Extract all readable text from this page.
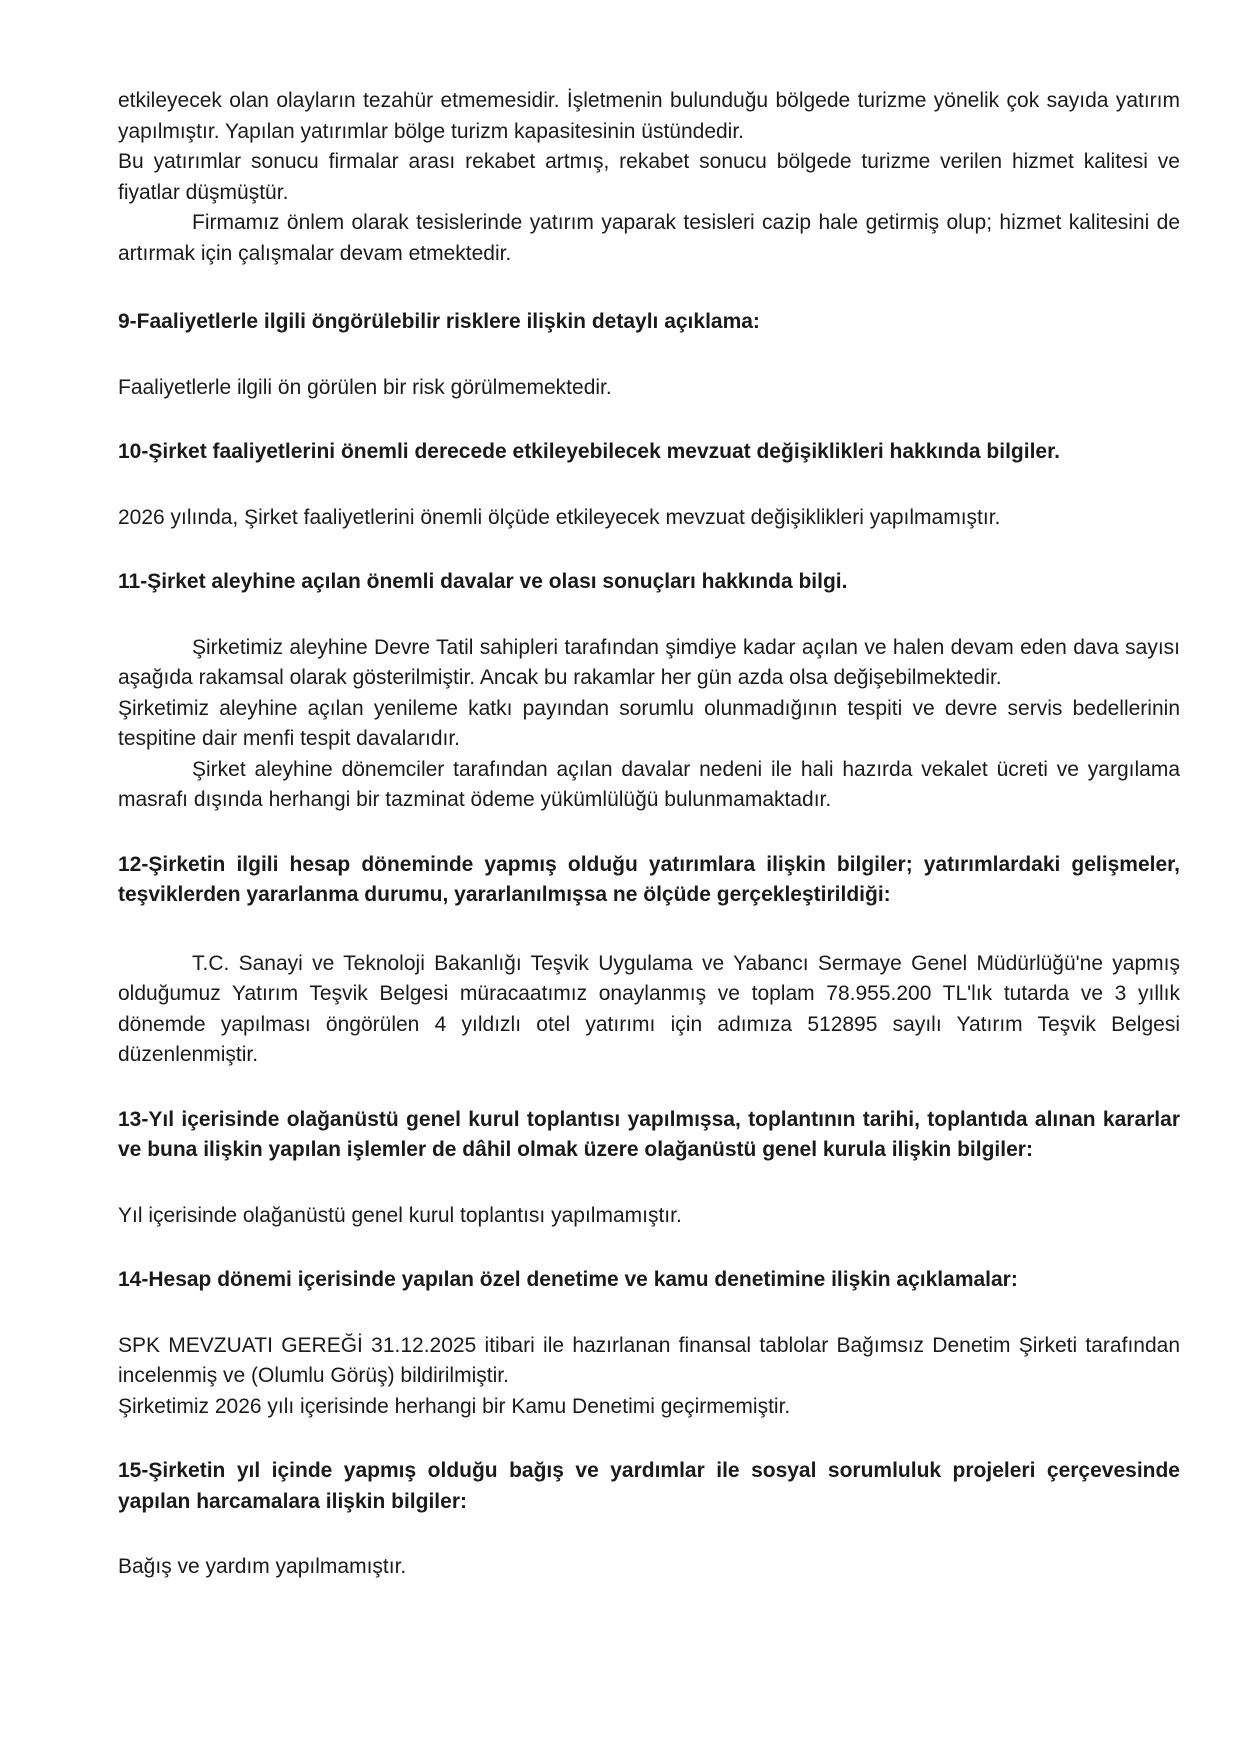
etkileyecek olan olayların tezahür etmemesidir. İşletmenin bulunduğu bölgede turizme yönelik çok sayıda yatırım yapılmıştır. Yapılan yatırımlar bölge turizm kapasitesinin üstündedir.

Bu yatırımlar sonucu firmalar arası rekabet artmış, rekabet sonucu bölgede turizme verilen hizmet kalitesi ve fiyatlar düşmüştür.

Firmamız önlem olarak tesislerinde yatırım yaparak tesisleri cazip hale getirmiş olup; hizmet kalitesini de artırmak için çalışmalar devam etmektedir.

9-Faaliyetlerle ilgili öngörülebilir risklere ilişkin detaylı açıklama:

Faaliyetlerle ilgili ön görülen bir risk görülmemektedir.

10-Şirket faaliyetlerini önemli derecede etkileyebilecek mevzuat değişiklikleri hakkında bilgiler.

2026 yılında, Şirket faaliyetlerini önemli ölçüde etkileyecek mevzuat değişiklikleri yapılmamıştır.

11-Şirket aleyhine açılan önemli davalar ve olası sonuçları hakkında bilgi.

Şirketimiz aleyhine Devre Tatil sahipleri tarafından şimdiye kadar açılan ve halen devam eden dava sayısı aşağıda rakamsal olarak gösterilmiştir. Ancak bu rakamlar her gün azda olsa değişebilmektedir.

Şirketimiz aleyhine açılan yenileme katkı payından sorumlu olunmadığının tespiti ve devre servis bedellerinin tespitine dair menfi tespit davalarıdır.

Şirket aleyhine dönemciler tarafından açılan davalar nedeni ile hali hazırda vekalet ücreti ve yargılama masrafı dışında herhangi bir tazminat ödeme yükümlülüğü bulunmamaktadır.

12-Şirketin ilgili hesap döneminde yapmış olduğu yatırımlara ilişkin bilgiler; yatırımlardaki gelişmeler, teşviklerden yararlanma durumu, yararlanılmışsa ne ölçüde gerçekleştirildiği:

T.C. Sanayi ve Teknoloji Bakanlığı Teşvik Uygulama ve Yabancı Sermaye Genel Müdürlüğü'ne yapmış olduğumuz Yatırım Teşvik Belgesi müracaatımız onaylanmış ve toplam 78.955.200 TL'lık tutarda ve 3 yıllık dönemde yapılması öngörülen 4 yıldızlı otel yatırımı için adımıza 512895 sayılı Yatırım Teşvik Belgesi düzenlenmiştir.

13-Yıl içerisinde olağanüstü genel kurul toplantısı yapılmışsa, toplantının tarihi, toplantıda alınan kararlar ve buna ilişkin yapılan işlemler de dâhil olmak üzere olağanüstü genel kurula ilişkin bilgiler:

Yıl içerisinde olağanüstü genel kurul toplantısı yapılmamıştır.

14-Hesap dönemi içerisinde yapılan özel denetime ve kamu denetimine ilişkin açıklamalar:

SPK MEVZUATI GEREĞİ 31.12.2025 itibari ile hazırlanan finansal tablolar Bağımsız Denetim Şirketi tarafından incelenmiş ve (Olumlu Görüş) bildirilmiştir.

Şirketimiz 2026 yılı içerisinde herhangi bir Kamu Denetimi geçirmemiştir.

15-Şirketin yıl içinde yapmış olduğu bağış ve yardımlar ile sosyal sorumluluk projeleri çerçevesinde yapılan harcamalara ilişkin bilgiler:

Bağış ve yardım yapılmamıştır.
